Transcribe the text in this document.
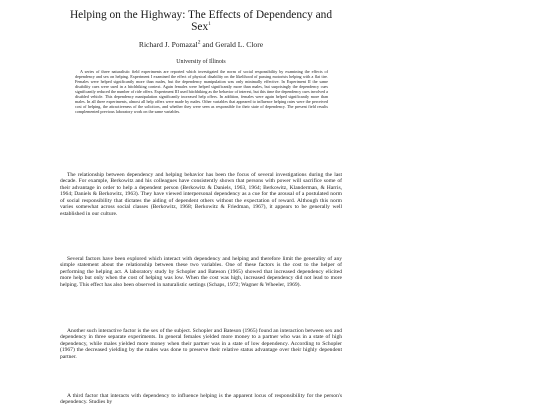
Helping on the Highway: The Effects of Dependency and Sex$^1$
Richard J. Pomazal$^2$ and Gerald L. Clore
University of Illinois

A series of three naturalistic field experiments are reported which investigated the norm of social responsibility by examining the effects of dependency and sex on helping. Experiment I examined the effect of physical disability on the likelihood of passing motorists helping with a flat tire. Females were helped significantly more than males, but the dependency manipulation was only minimally effective. In Experiment II the same disability cues were used in a hitchhiking context. Again females were helped significantly more than males, but surprisingly the dependency cues significantly reduced the number of ride offers. Experiment III used hitchhiking as the behavior of interest, but this time the dependency cues involved a disabled vehicle. This dependency manipulation significantly increased help offers. In addition, females were again helped significantly more than males. In all three experiments, almost all help offers were made by males. Other variables that appeared to influence helping rates were the perceived cost of helping, the attractiveness of the solicitors, and whether they were seen as responsible for their state of dependency. The present field results complemented previous laboratory work on the same variables.

The relationship between dependency and helping behavior has been the focus of several investigations during the last decade. For example, Berkowitz and his colleagues have consistently shown that persons with power will sacrifice some of their advantage in order to help a dependent person (Berkowitz & Daniels, 1963, 1964; Berkowitz, Klanderman, & Harris, 1964; Daniels & Berkowitz, 1963). They have viewed interpersonal dependency as a cue for the arousal of a postulated norm of social responsibility that dictates the aiding of dependent others without the expectation of reward. Although this norm varies somewhat across social classes (Berkowitz, 1968; Berkowitz & Friedman, 1967), it appears to be generally well established in our culture.

Several factors have been explored which interact with dependency and helping and therefore limit the generality of any simple statement about the relationship between these two variables. One of these factors is the cost to the helper of performing the helping act. A laboratory study by Schopler and Bateson (1965) showed that increased dependency elicited more help but only when the cost of helping was low. When the cost was high, increased dependency did not lead to more helping. This effect has also been observed in naturalistic settings (Schaps, 1972; Wagner & Wheeler, 1969).

Another such interactive factor is the sex of the subject. Schopler and Bateson (1965) found an interaction between sex and dependency in three separate experiments. In general females yielded more money to a partner who was in a state of high dependency, while males yielded more money when their partner was in a state of low dependency. According to Schopler (1967) the decreased yielding by the males was done to preserve their relative status advantage over their highly dependent partner.

A third factor that interacts with dependency to influence helping is the apparent locus of responsibility for the person's dependency. Studies by
